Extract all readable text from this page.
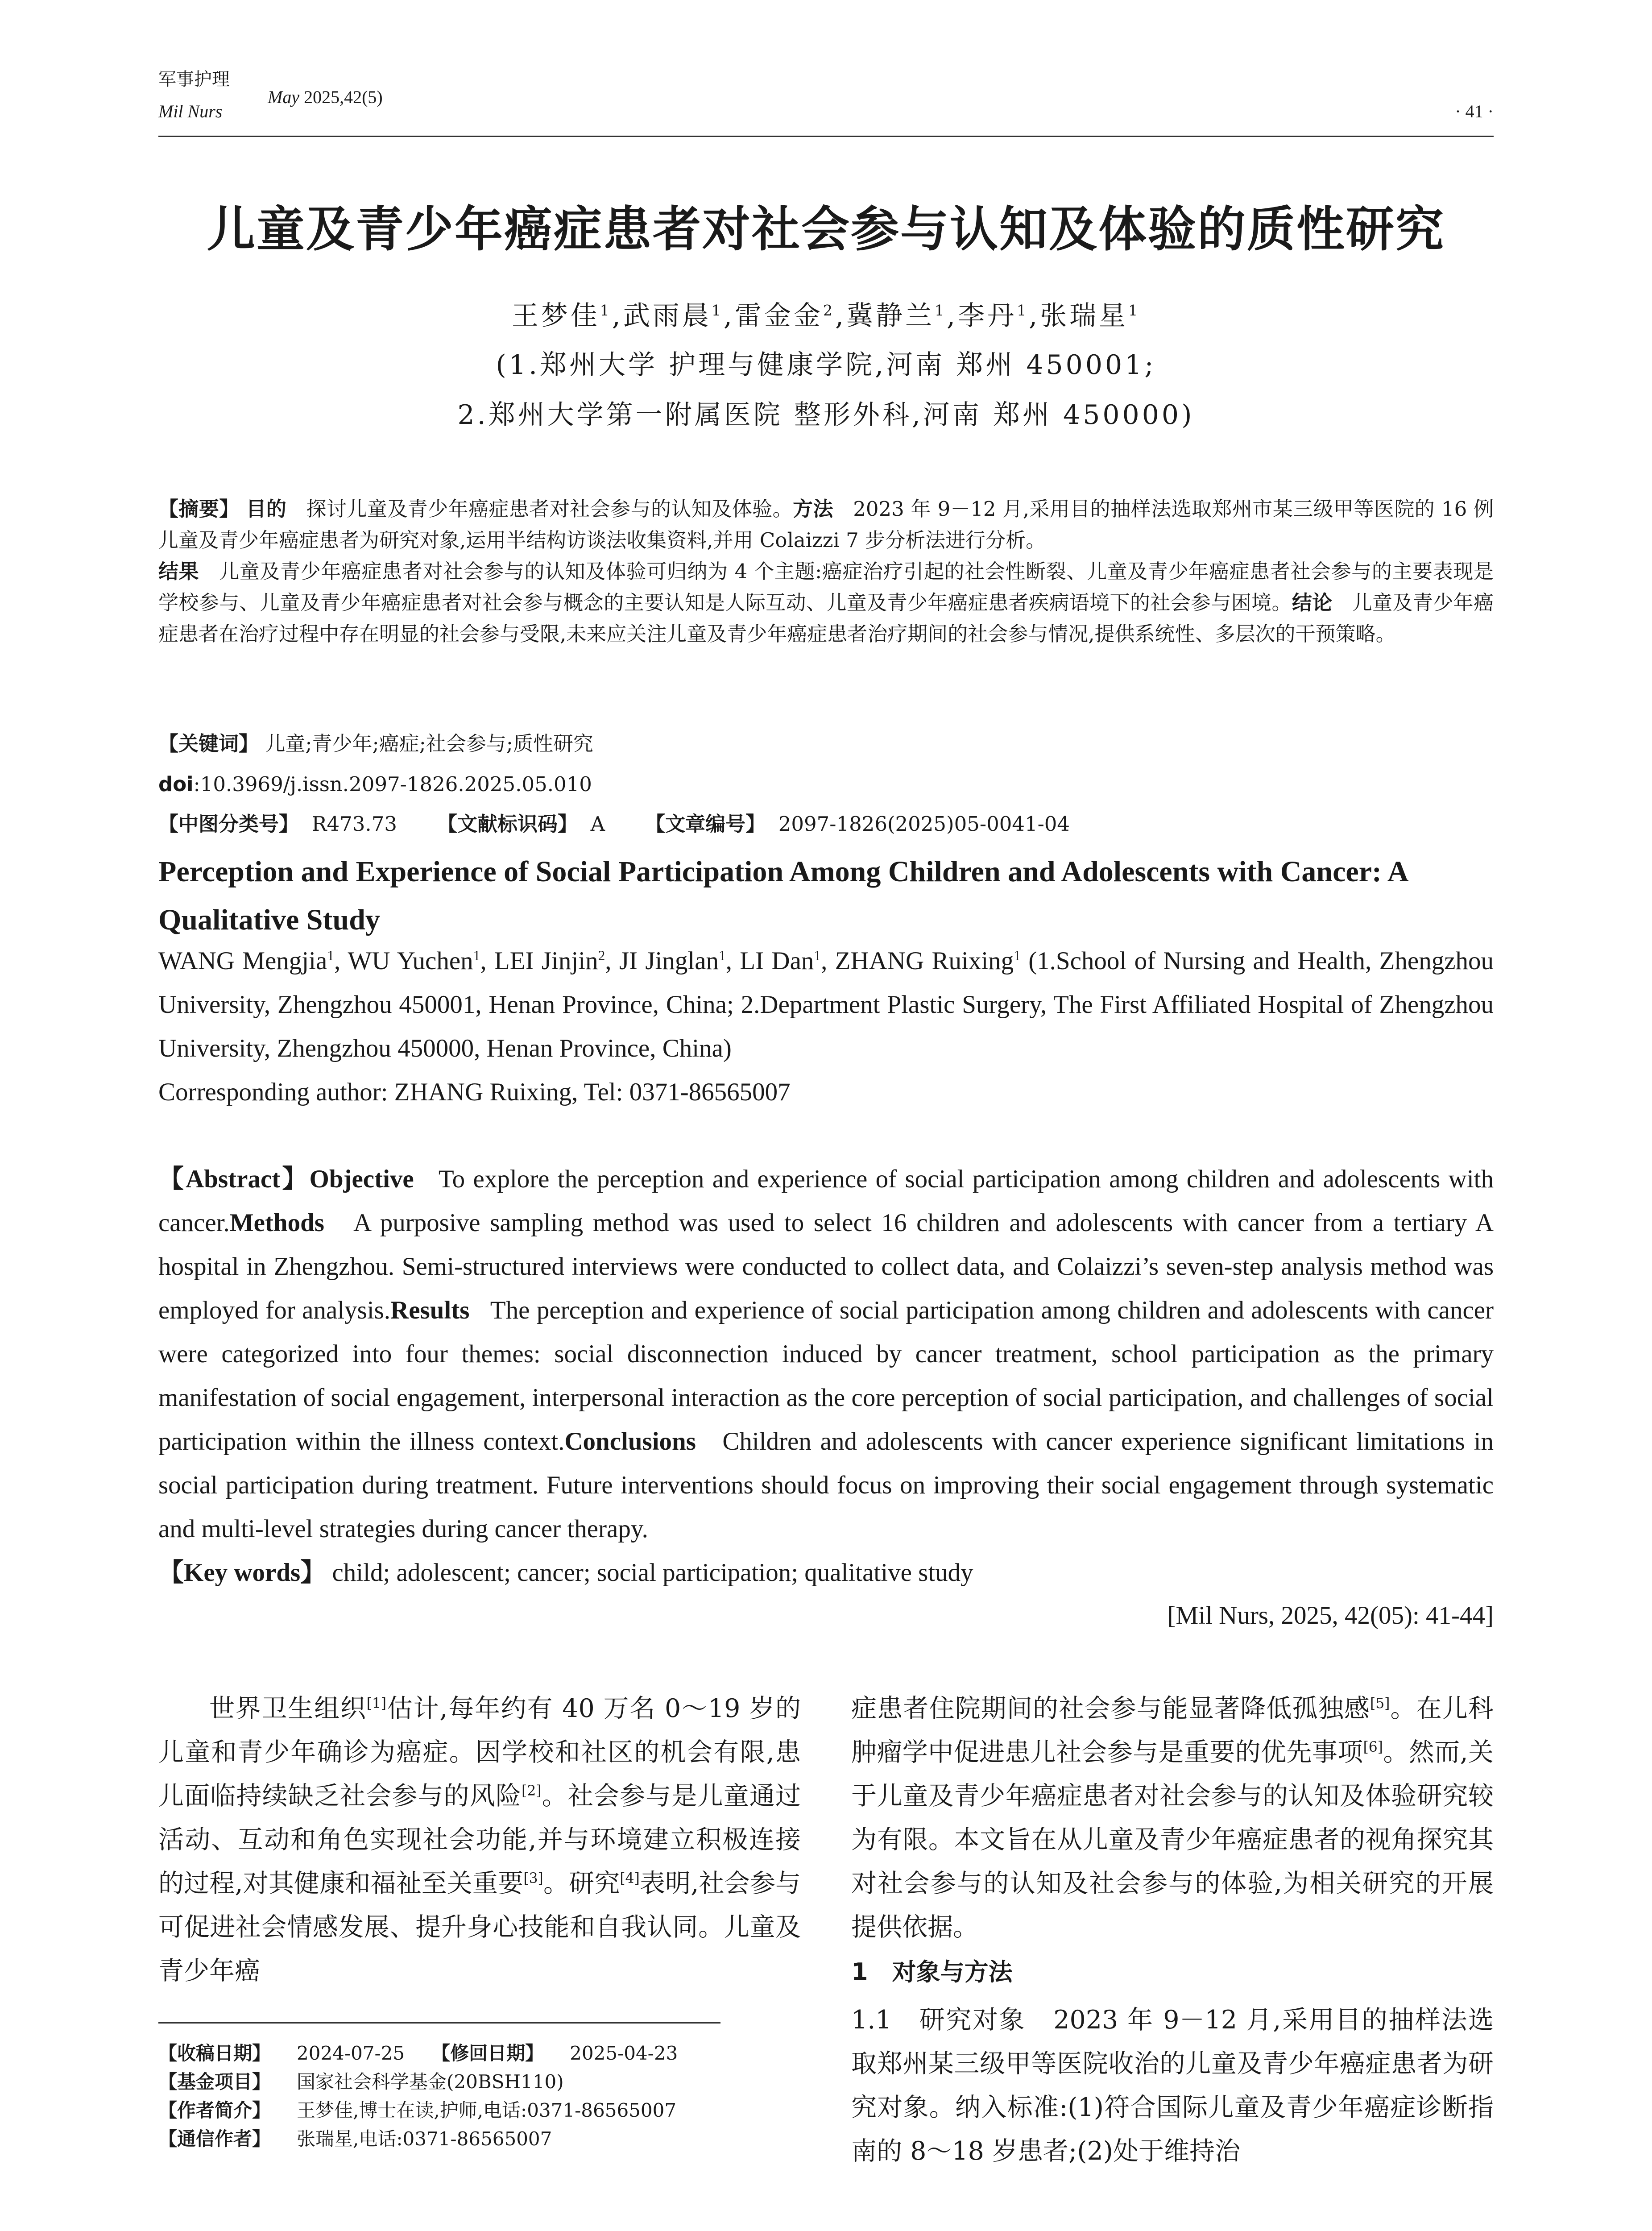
军事护理
Mil Nurs
May 2025,42(5)
· 41 ·
儿童及青少年癌症患者对社会参与认知及体验的质性研究
王梦佳$^1$,武雨晨$^1$,雷金金$^2$,冀静兰$^1$,李丹$^1$,张瑞星$^1$
(1.郑州大学 护理与健康学院,河南 郑州 450001;
2.郑州大学第一附属医院 整形外科,河南 郑州 450000)
【摘要】 目的 探讨儿童及青少年癌症患者对社会参与的认知及体验。方法 2023 年 9－12 月,采用目的抽样法选取郑州市某三级甲等医院的 16 例儿童及青少年癌症患者为研究对象,运用半结构访谈法收集资料,并用 Colaizzi 7 步分析法进行分析。
结果 儿童及青少年癌症患者对社会参与的认知及体验可归纳为 4 个主题:癌症治疗引起的社会性断裂、儿童及青少年癌症患者社会参与的主要表现是学校参与、儿童及青少年癌症患者对社会参与概念的主要认知是人际互动、儿童及青少年癌症患者疾病语境下的社会参与困境。结论 儿童及青少年癌症患者在治疗过程中存在明显的社会参与受限,未来应关注儿童及青少年癌症患者治疗期间的社会参与情况,提供系统性、多层次的干预策略。
【关键词】 儿童;青少年;癌症;社会参与;质性研究
doi:10.3969/j.issn.2097-1826.2025.05.010
【中图分类号】 R473.73 【文献标识码】 A 【文章编号】 2097-1826(2025)05-0041-04
Perception and Experience of Social Participation Among Children and Adolescents with Cancer: A Qualitative Study
WANG Mengjia$^1$, WU Yuchen$^1$, LEI Jinjin$^2$, JI Jinglan$^1$, LI Dan$^1$, ZHANG Ruixing$^1$ (1.School of Nursing and Health, Zhengzhou University, Zhengzhou 450001, Henan Province, China; 2.Department Plastic Surgery, The First Affiliated Hospital of Zhengzhou University, Zhengzhou 450000, Henan Province, China)
Corresponding author: ZHANG Ruixing, Tel: 0371-86565007
【Abstract】Objective To explore the perception and experience of social participation among children and adolescents with cancer.Methods A purposive sampling method was used to select 16 children and adolescents with cancer from a tertiary A hospital in Zhengzhou. Semi-structured interviews were conducted to collect data, and Colaizzi’s seven-step analysis method was employed for analysis.Results The perception and experience of social participation among children and adolescents with cancer were categorized into four themes: social disconnection induced by cancer treatment, school participation as the primary manifestation of social engagement, interpersonal interaction as the core perception of social participation, and challenges of social participation within the illness context.Conclusions Children and adolescents with cancer experience significant limitations in social participation during treatment. Future interventions should focus on improving their social engagement through systematic and multi-level strategies during cancer therapy.
【Key words】 child; adolescent; cancer; social participation; qualitative study
[Mil Nurs, 2025, 42(05): 41-44]
世界卫生组织[1]估计,每年约有 40 万名 0～19 岁的儿童和青少年确诊为癌症。因学校和社区的机会有限,患儿面临持续缺乏社会参与的风险[2]。社会参与是儿童通过活动、互动和角色实现社会功能,并与环境建立积极连接的过程,对其健康和福祉至关重要[3]。研究[4]表明,社会参与可促进社会情感发展、提升身心技能和自我认同。儿童及青少年癌
症患者住院期间的社会参与能显著降低孤独感[5]。在儿科肿瘤学中促进患儿社会参与是重要的优先事项[6]。然而,关于儿童及青少年癌症患者对社会参与的认知及体验研究较为有限。本文旨在从儿童及青少年癌症患者的视角探究其对社会参与的认知及社会参与的体验,为相关研究的开展提供依据。
1　对象与方法
1.1　研究对象 2023 年 9－12 月,采用目的抽样法选取郑州某三级甲等医院收治的儿童及青少年癌症患者为研究对象。纳入标准:(1)符合国际儿童及青少年癌症诊断指南的 8～18 岁患者;(2)处于维持治
【收稿日期】 2024-07-25 【修回日期】 2025-04-23
【基金项目】 国家社会科学基金(20BSH110)
【作者简介】 王梦佳,博士在读,护师,电话:0371-86565007
【通信作者】 张瑞星,电话:0371-86565007
